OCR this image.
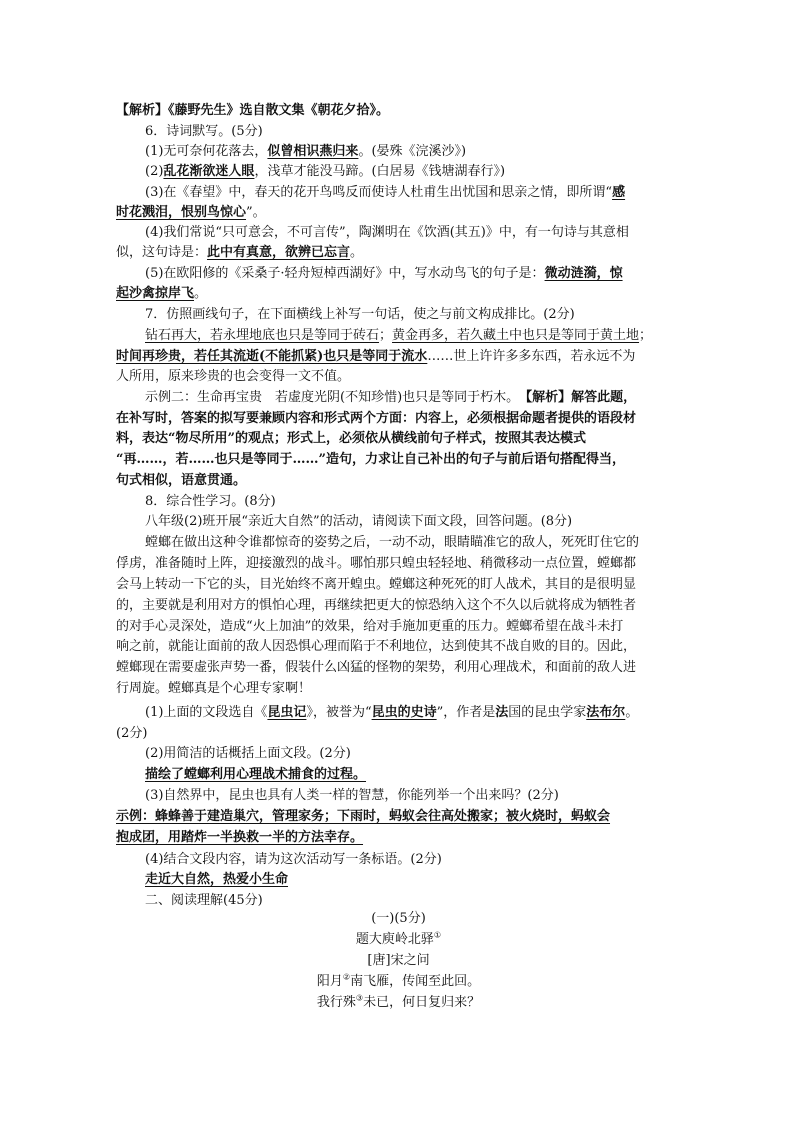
【解析】《藤野先生》选自散文集《朝花夕拾》。
6．诗词默写。(5分)
(1)无可奈何花落去，似曾相识燕归来。(晏殊《浣溪沙》)
(2)乱花渐欲迷人眼，浅草才能没马蹄。(白居易《钱塘湖春行》)
(3)在《春望》中，春天的花开鸟鸣反而使诗人杜甫生出忧国和思亲之情，即所谓“感
时花溅泪，恨别鸟惊心”。
(4)我们常说“只可意会，不可言传”，陶渊明在《饮酒(其五)》中，有一句诗与其意相
似，这句诗是：此中有真意，欲辨已忘言。
(5)在欧阳修的《采桑子·轻舟短棹西湖好》中，写水动鸟飞的句子是：微动涟漪，惊
起沙禽掠岸飞。
7．仿照画线句子，在下面横线上补写一句话，使之与前文构成排比。(2分)
钻石再大，若永埋地底也只是等同于砖石；黄金再多，若久藏土中也只是等同于黄土地；
时间再珍贵，若任其流逝(不能抓紧)也只是等同于流水……世上许许多多东西，若永远不为
人所用，原来珍贵的也会变得一文不值。
示例二：生命再宝贵　若虚度光阴(不知珍惜)也只是等同于朽木。　【解析】解答此题，
在补写时，答案的拟写要兼顾内容和形式两个方面：内容上，必须根据命题者提供的语段材
料，表达“物尽所用”的观点；形式上，必须依从横线前句子样式，按照其表达模式
“再……，若……也只是等同于……”造句，力求让自己补出的句子与前后语句搭配得当，
句式相似，语意贯通。
8．综合性学习。(8分)
八年级(2)班开展“亲近大自然”的活动，请阅读下面文段，回答问题。(8分)
螳螂在做出这种令谁都惊奇的姿势之后，一动不动，眼睛瞄准它的敌人，死死盯住它的
俘虏，准备随时上阵，迎接激烈的战斗。哪怕那只蝗虫轻轻地、稍微移动一点位置，螳螂都
会马上转动一下它的头，目光始终不离开蝗虫。螳螂这种死死的盯人战术，其目的是很明显
的，主要就是利用对方的惧怕心理，再继续把更大的惊恐纳入这个不久以后就将成为牺牲者
的对手心灵深处，造成“火上加油”的效果，给对手施加更重的压力。螳螂希望在战斗未打
响之前，就能让面前的敌人因恐惧心理而陷于不利地位，达到使其不战自败的目的。因此，
螳螂现在需要虚张声势一番，假装什么凶猛的怪物的架势，利用心理战术，和面前的敌人进
行周旋。螳螂真是个心理专家啊！
(1)上面的文段选自《昆虫记》，被誉为“昆虫的史诗”，作者是法国的昆虫学家法布尔。
(2分)
(2)用简洁的话概括上面文段。(2分)
描绘了螳螂利用心理战术捕食的过程。
(3)自然界中，昆虫也具有人类一样的智慧，你能列举一个出来吗？(2分)
示例：蜂蜂善于建造巢穴，管理家务；下雨时，蚂蚁会往高处搬家；被火烧时，蚂蚁会
抱成团，用踏炸一半换救一半的方法幸存。
(4)结合文段内容，请为这次活动写一条标语。(2分)
走近大自然，热爱小生命
二、阅读理解(45分)
(一)(5分)
题大庾岭北驿①
[唐]宋之问
阳月②南飞雁，传闻至此回。
我行殊③未已，何日复归来？
